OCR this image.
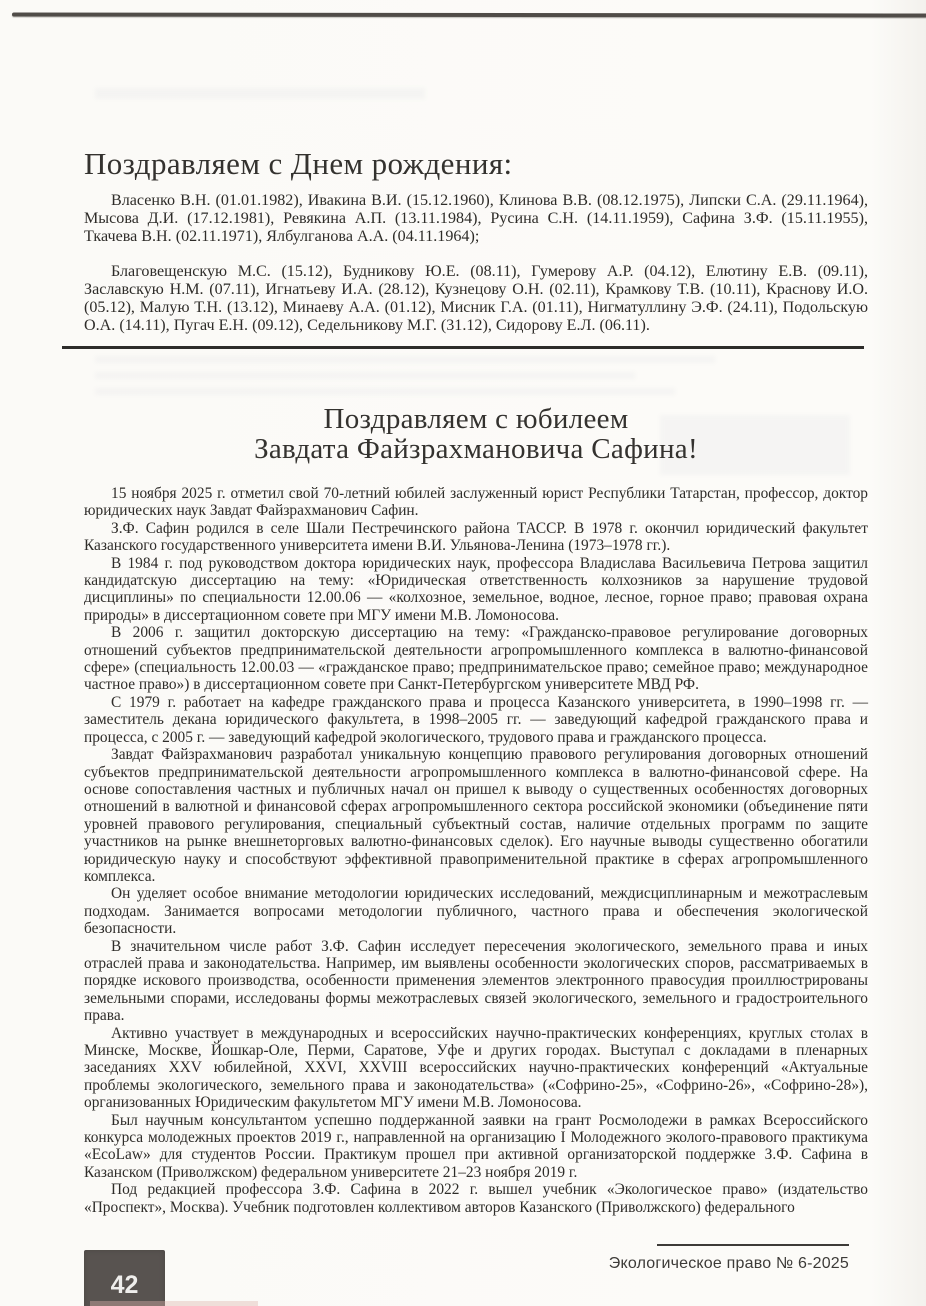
Поздравляем с Днем рождения:

Власенко В.Н. (01.01.1982), Ивакина В.И. (15.12.1960), Клинова В.В. (08.12.1975), Липски С.А. (29.11.1964), Мысова Д.И. (17.12.1981), Ревякина А.П. (13.11.1984), Русина С.Н. (14.11.1959), Сафина З.Ф. (15.11.1955), Ткачева В.Н. (02.11.1971), Ялбулганова А.А. (04.11.1964);

Благовещенскую М.С. (15.12), Будникову Ю.Е. (08.11), Гумерову А.Р. (04.12), Елютину Е.В. (09.11), Заславскую Н.М. (07.11), Игнатьеву И.А. (28.12), Кузнецову О.Н. (02.11), Крамкову Т.В. (10.11), Краснову И.О. (05.12), Малую Т.Н. (13.12), Минаеву А.А. (01.12), Мисник Г.А. (01.11), Нигматуллину Э.Ф. (24.11), Подольскую О.А. (14.11), Пугач Е.Н. (09.12), Седельникову М.Г. (31.12), Сидорову Е.Л. (06.11).

Поздравляем с юбилеем
Завдата Файзрахмановича Сафина!

15 ноября 2025 г. отметил свой 70-летний юбилей заслуженный юрист Республики Татарстан, профессор, доктор юридических наук Завдат Файзрахманович Сафин.

З.Ф. Сафин родился в селе Шали Пестречинского района ТАССР. В 1978 г. окончил юридический факультет Казанского государственного университета имени В.И. Ульянова-Ленина (1973–1978 гг.).

В 1984 г. под руководством доктора юридических наук, профессора Владислава Васильевича Петрова защитил кандидатскую диссертацию на тему: «Юридическая ответственность колхозников за нарушение трудовой дисциплины» по специальности 12.00.06 — «колхозное, земельное, водное, лесное, горное право; правовая охрана природы» в диссертационном совете при МГУ имени М.В. Ломоносова.

В 2006 г. защитил докторскую диссертацию на тему: «Гражданско-правовое регулирование договорных отношений субъектов предпринимательской деятельности агропромышленного комплекса в валютно-финансовой сфере» (специальность 12.00.03 — «гражданское право; предпринимательское право; семейное право; международное частное право») в диссертационном совете при Санкт-Петербургском университете МВД РФ.

С 1979 г. работает на кафедре гражданского права и процесса Казанского университета, в 1990–1998 гг. — заместитель декана юридического факультета, в 1998–2005 гг. — заведующий кафедрой гражданского права и процесса, с 2005 г. — заведующий кафедрой экологического, трудового права и гражданского процесса.

Завдат Файзрахманович разработал уникальную концепцию правового регулирования договорных отношений субъектов предпринимательской деятельности агропромышленного комплекса в валютно-финансовой сфере. На основе сопоставления частных и публичных начал он пришел к выводу о существенных особенностях договорных отношений в валютной и финансовой сферах агропромышленного сектора российской экономики (объединение пяти уровней правового регулирования, специальный субъектный состав, наличие отдельных программ по защите участников на рынке внешнеторговых валютно-финансовых сделок). Его научные выводы существенно обогатили юридическую науку и способствуют эффективной правоприменительной практике в сферах агропромышленного комплекса.

Он уделяет особое внимание методологии юридических исследований, междисциплинарным и межотраслевым подходам. Занимается вопросами методологии публичного, частного права и обеспечения экологической безопасности.

В значительном числе работ З.Ф. Сафин исследует пересечения экологического, земельного права и иных отраслей права и законодательства. Например, им выявлены особенности экологических споров, рассматриваемых в порядке искового производства, особенности применения элементов электронного правосудия проиллюстрированы земельными спорами, исследованы формы межотраслевых связей экологического, земельного и градостроительного права.

Активно участвует в международных и всероссийских научно-практических конференциях, круглых столах в Минске, Москве, Йошкар-Оле, Перми, Саратове, Уфе и других городах. Выступал с докладами в пленарных заседаниях XXV юбилейной, XXVI, XXVIII всероссийских научно-практических конференций «Актуальные проблемы экологического, земельного права и законодательства» («Софрино-25», «Софрино-26», «Софрино-28»), организованных Юридическим факультетом МГУ имени М.В. Ломоносова.

Был научным консультантом успешно поддержанной заявки на грант Росмолодежи в рамках Всероссийского конкурса молодежных проектов 2019 г., направленной на организацию I Молодежного эколого-правового практикума «EcoLaw» для студентов России. Практикум прошел при активной организаторской поддержке З.Ф. Сафина в Казанском (Приволжском) федеральном университете 21–23 ноября 2019 г.

Под редакцией профессора З.Ф. Сафина в 2022 г. вышел учебник «Экологическое право» (издательство «Проспект», Москва). Учебник подготовлен коллективом авторов Казанского (Приволжского) федерального

42
Экологическое право № 6-2025
